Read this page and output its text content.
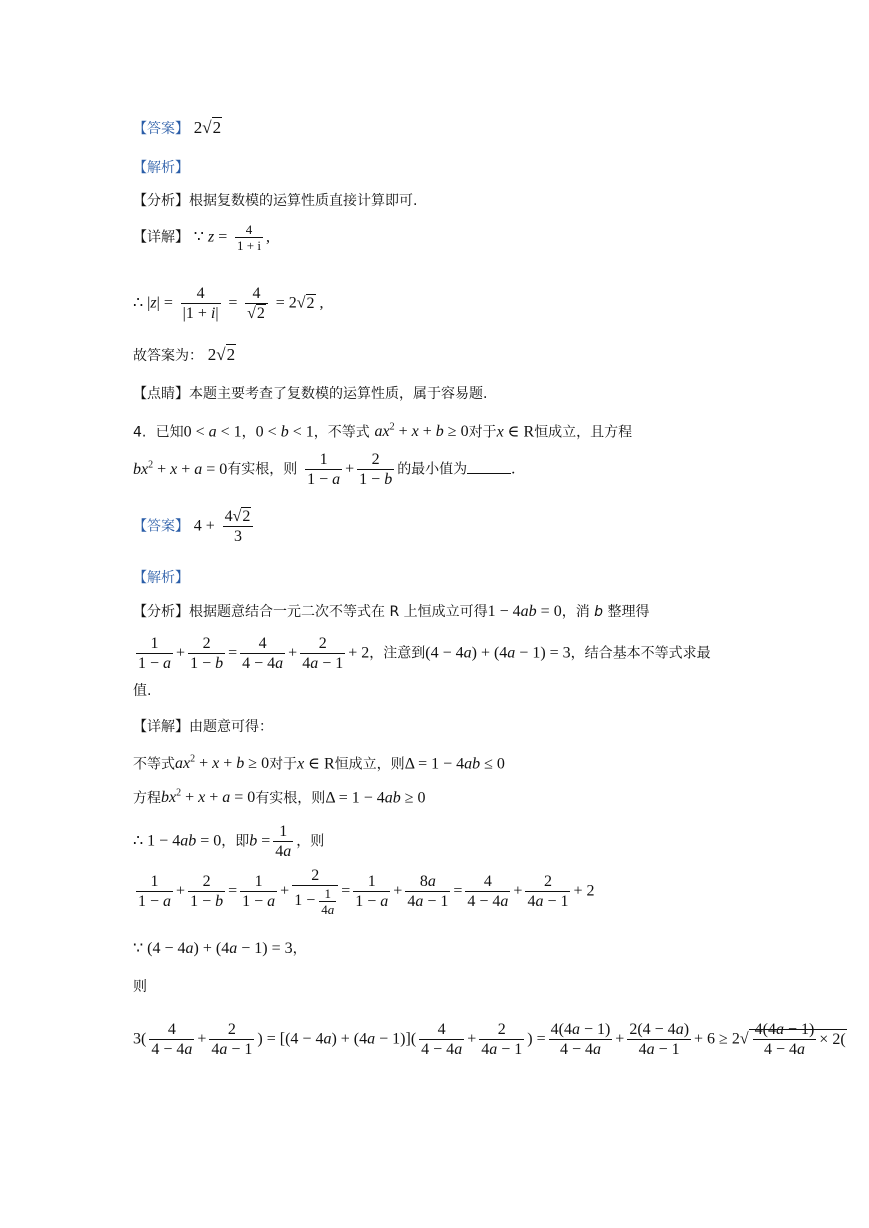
【答案】 2√2
【解析】
【分析】根据复数模的运算性质直接计算即可.
【详解】 ∵ $z = \frac{4}{1 + i}$ ,
∴ $|z| = \frac{4}{|1 + i|} = \frac{4}{√2} = 2√2$ ,
故答案为： 2√2
【点睛】本题主要考查了复数模的运算性质，属于容易题.
4.  已知0 < a < 1，0 < b < 1，不等式 $ax^2 + x + b \ge 0$对于x ∈ R恒成立，且方程
$bx^2 + x + a = 0$有实根，则 $\frac{1}{1 - a} + \frac{2}{1 - b}$ 的最小值为	.
【答案】 $4 + \frac{4√2}{3}$
【解析】
【分析】根据题意结合一元二次不等式在 R 上恒成立可得1 − 4ab = 0，消 b 整理得
$\frac{1}{1 - a} + \frac{2}{1 - b} = \frac{4}{4 - 4a} + \frac{2}{4a - 1} + 2$，注意到(4 − 4a) + (4a − 1) = 3，结合基本不等式求最
值.
【详解】由题意可得：
不等式$ax^2 + x + b \ge 0$对于x ∈ R恒成立，则Δ = 1 − 4ab ≤ 0
方程$bx^2 + x + a = 0$有实根，则Δ = 1 − 4ab ≥ 0
∴ 1 − 4ab = 0，即$b = \frac{1}{4a}$ ，则
$\frac{1}{1 - a} + \frac{2}{1 - b} = \frac{1}{1 - a} + \frac{2}{1 - \frac{1}{4a}} = \frac{1}{1 - a} + \frac{8a}{4a - 1} = \frac{4}{4 - 4a} + \frac{2}{4a - 1} + 2$
∵ (4 − 4a) + (4a − 1) = 3，
则
$3( \frac{4}{4 - 4a} + \frac{2}{4a - 1}$ ) = $[(4 - 4a) + (4a - 1)]( \frac{4}{4 - 4a} + \frac{2}{4a - 1}$ ) = $\frac{4(4a - 1)}{4 - 4a} + \frac{2(4 - 4a)}{4a - 1} + 6 \ge 2√ \frac{4(4a - 1)}{4 - 4a} \times 2$(
